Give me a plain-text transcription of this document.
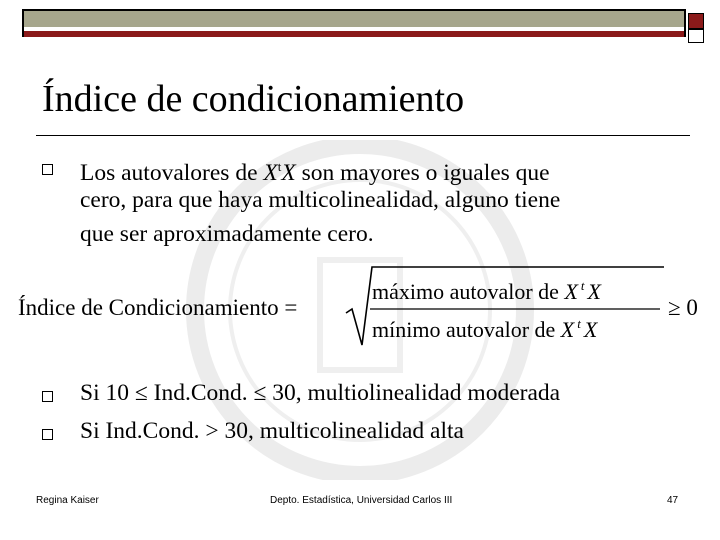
Índice de condicionamiento
Los autovalores de $X^tX$ son mayores o iguales que
cero, para que haya multicolinealidad, alguno tiene
que ser aproximadamente cero.
Índice de Condicionamiento =
máximo autovalor de X $^t$ X
mínimo autovalor de X $^t$ X
≥ 0
Si 10 ≤ Ind.Cond. ≤ 30, multiolinealidad moderada
Si Ind.Cond. > 30, multicolinealidad alta
Regina Kaiser	Depto. Estadística, Universidad Carlos III	47
